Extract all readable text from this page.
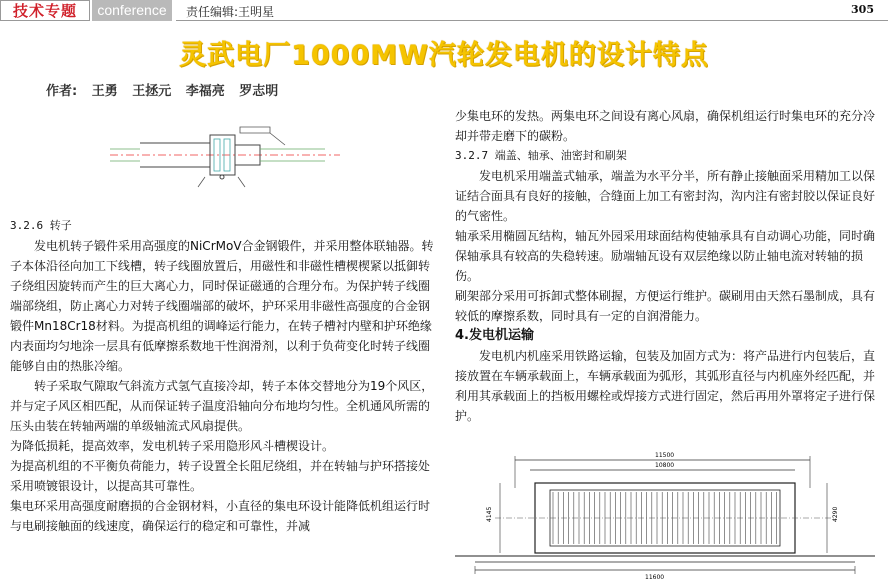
技术专题	conference	责任编辑:王明星	305
灵武电厂1000MW汽轮发电机的设计特点
作者: 王勇 王拯元 李福亮 罗志明

3.2.6 转子

发电机转子锻件采用高强度的NiCrMoV合金钢锻件，并采用整体联轴器。转子本体沿径向加工下线槽，转子线圈放置后，用磁性和非磁性槽楔楔紧以抵御转子绕组因旋转而产生的巨大离心力，同时保证磁通的合理分布。为保护转子线圈端部绕组，防止离心力对转子线圈端部的破坏，护环采用非磁性高强度的合金钢锻件Mn18Cr18材料。为提高机组的调峰运行能力，在转子槽衬内壁和护环绝缘内表面均匀地涂一层具有低摩擦系数地干性润滑剂，以利于负荷变化时转子线圈能够自由的热胀冷缩。

转子采取气隙取气斜流方式氢气直接冷却，转子本体交替地分为19个风区，并与定子风区相匹配，从而保证转子温度沿轴向分布地均匀性。全机通风所需的压头由装在转轴两端的单级轴流式风扇提供。

为降低损耗，提高效率，发电机转子采用隐形风斗槽楔设计。

为提高机组的不平衡负荷能力，转子设置全长阻尼绕组，并在转轴与护环搭接处采用喷镀银设计，以提高其可靠性。

集电环采用高强度耐磨损的合金钢材料，小直径的集电环设计能降低机组运行时与电刷接触面的线速度，确保运行的稳定和可靠性，并减

少集电环的发热。两集电环之间设有离心风扇，确保机组运行时集电环的充分冷却并带走磨下的碳粉。

3.2.7 端盖、轴承、油密封和刷架

发电机采用端盖式轴承，端盖为水平分半，所有静止接触面采用精加工以保证结合面具有良好的接触，合缝面上加工有密封沟，沟内注有密封胶以保证良好的气密性。

轴承采用椭圆瓦结构，轴瓦外园采用球面结构使轴承具有自动调心功能，同时确保轴承具有较高的失稳转速。励端轴瓦设有双层绝缘以防止轴电流对转轴的损伤。

刷架部分采用可拆卸式整体刷握，方便运行维护。碳刷用由天然石墨制成，具有较低的摩擦系数，同时具有一定的自润滑能力。

4.发电机运输

发电机内机座采用铁路运输，包装及加固方式为：将产品进行内包装后，直接放置在车辆承载面上，车辆承载面为弧形，其弧形直径与内机座外经匹配，并利用其承载面上的挡板用螺栓或焊接方式进行固定，然后再用外罩将定子进行保护。

11500
10800
4145	4290
11600
